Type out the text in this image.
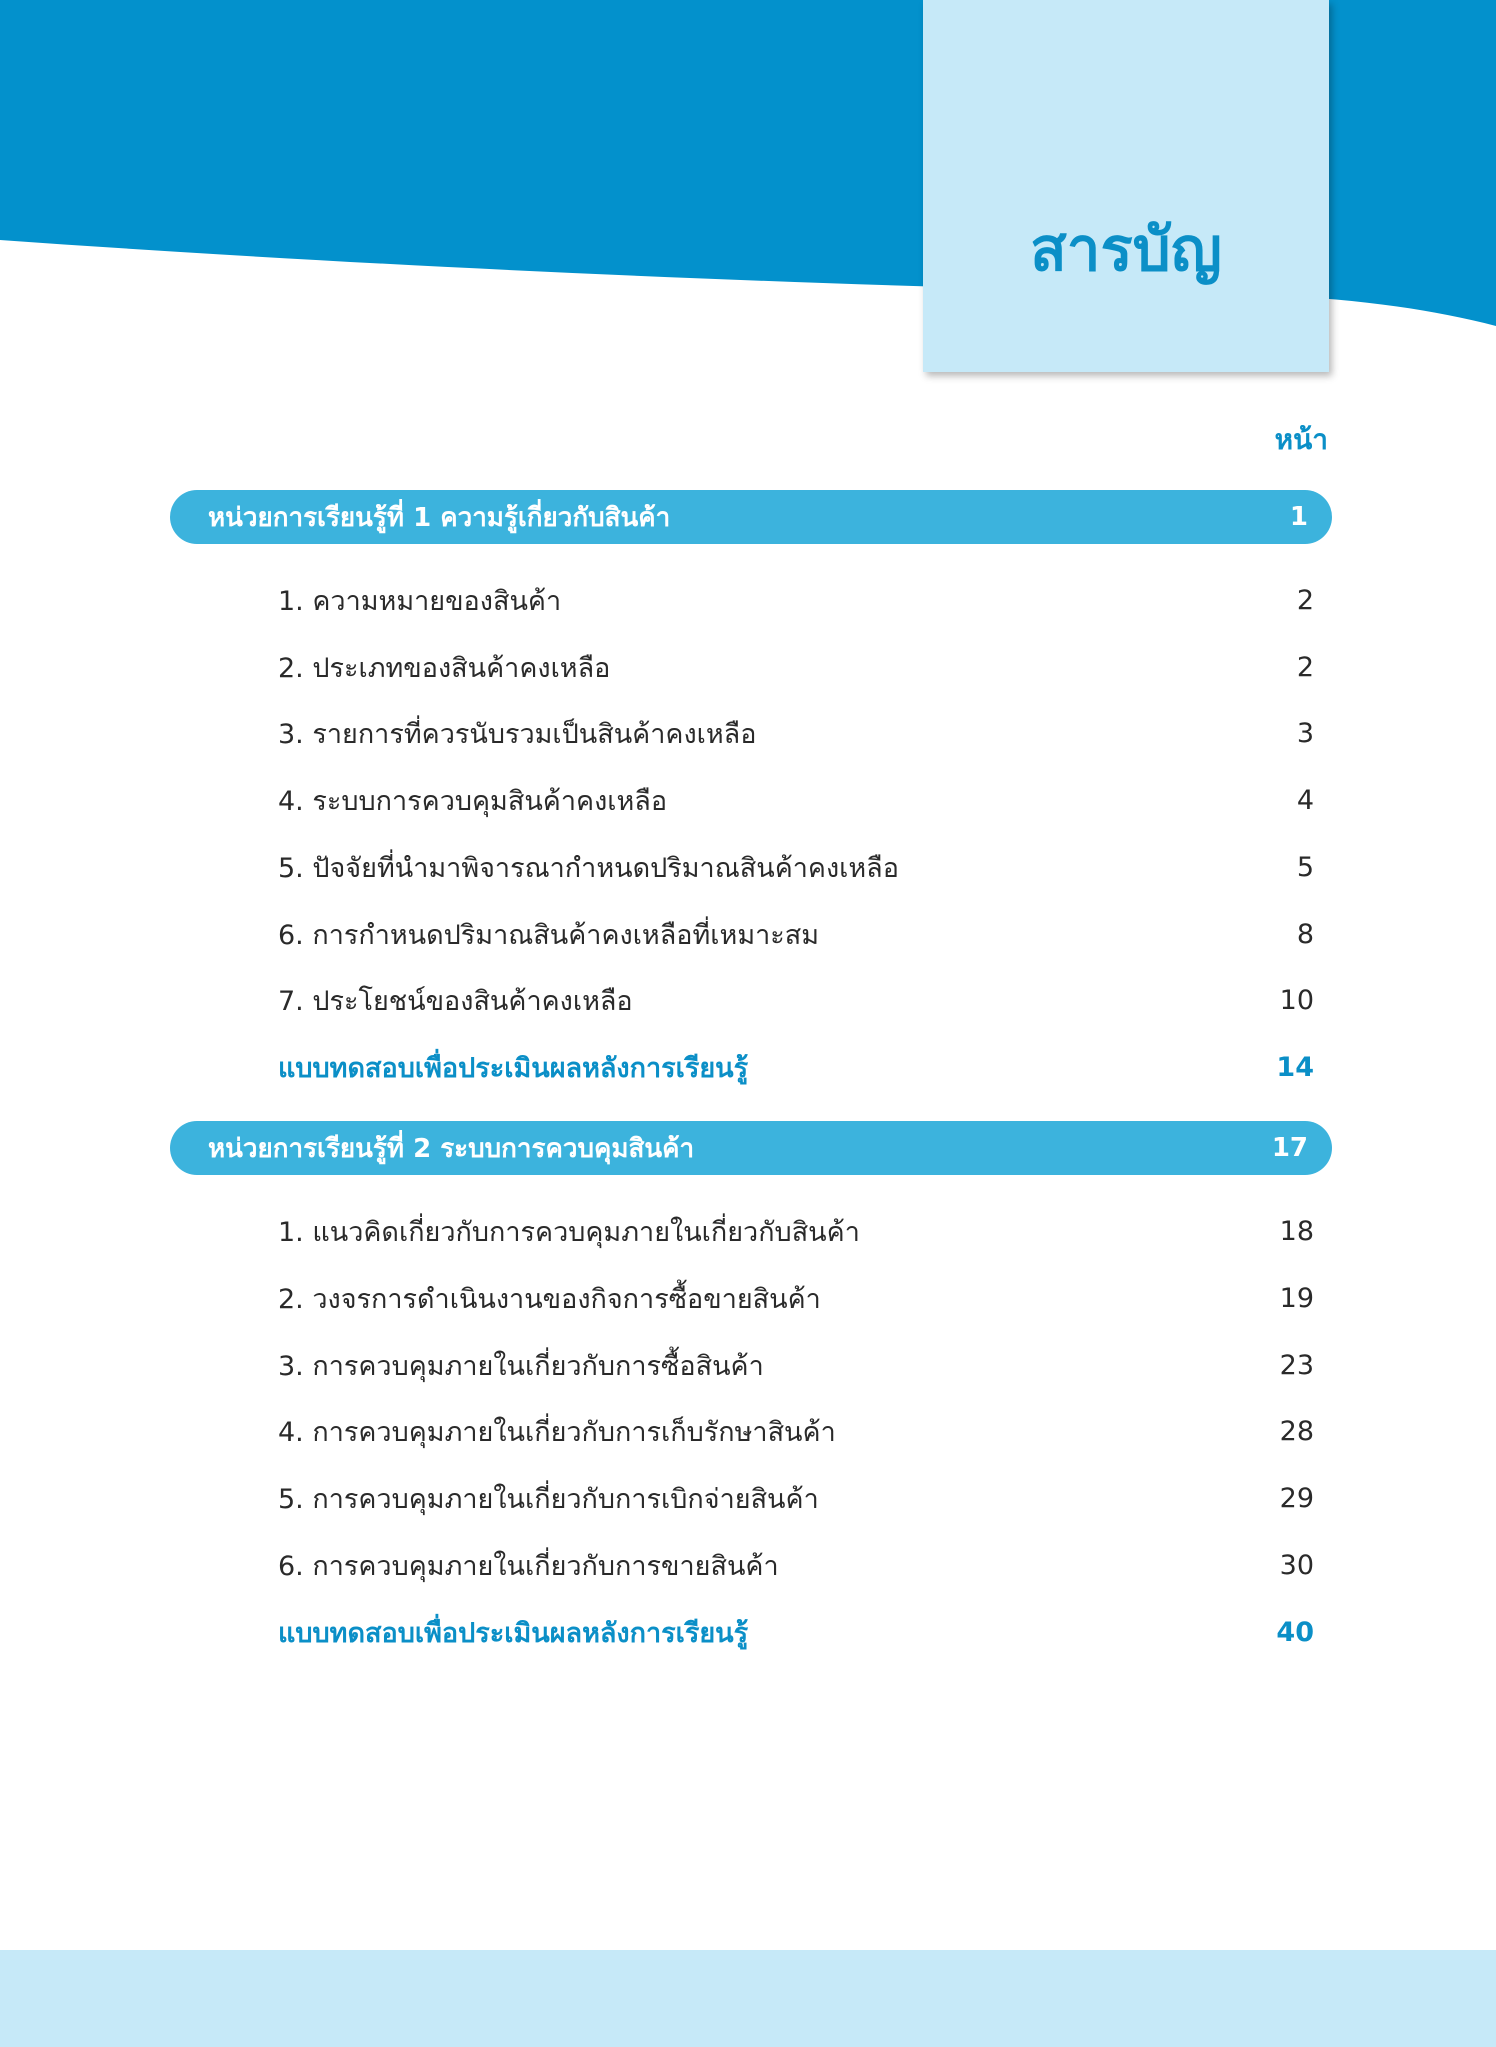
สารบัญ
หน้า
หน่วยการเรียนรู้ที่ 1 ความรู้เกี่ยวกับสินค้า	1
1. ความหมายของสินค้า	2
2. ประเภทของสินค้าคงเหลือ	2
3. รายการที่ควรนับรวมเป็นสินค้าคงเหลือ	3
4. ระบบการควบคุมสินค้าคงเหลือ	4
5. ปัจจัยที่นำมาพิจารณากำหนดปริมาณสินค้าคงเหลือ	5
6. การกำหนดปริมาณสินค้าคงเหลือที่เหมาะสม	8
7. ประโยชน์ของสินค้าคงเหลือ	10
แบบทดสอบเพื่อประเมินผลหลังการเรียนรู้	14
หน่วยการเรียนรู้ที่ 2 ระบบการควบคุมสินค้า	17
1. แนวคิดเกี่ยวกับการควบคุมภายในเกี่ยวกับสินค้า	18
2. วงจรการดำเนินงานของกิจการซื้อขายสินค้า	19
3. การควบคุมภายในเกี่ยวกับการซื้อสินค้า	23
4. การควบคุมภายในเกี่ยวกับการเก็บรักษาสินค้า	28
5. การควบคุมภายในเกี่ยวกับการเบิกจ่ายสินค้า	29
6. การควบคุมภายในเกี่ยวกับการขายสินค้า	30
แบบทดสอบเพื่อประเมินผลหลังการเรียนรู้	40
